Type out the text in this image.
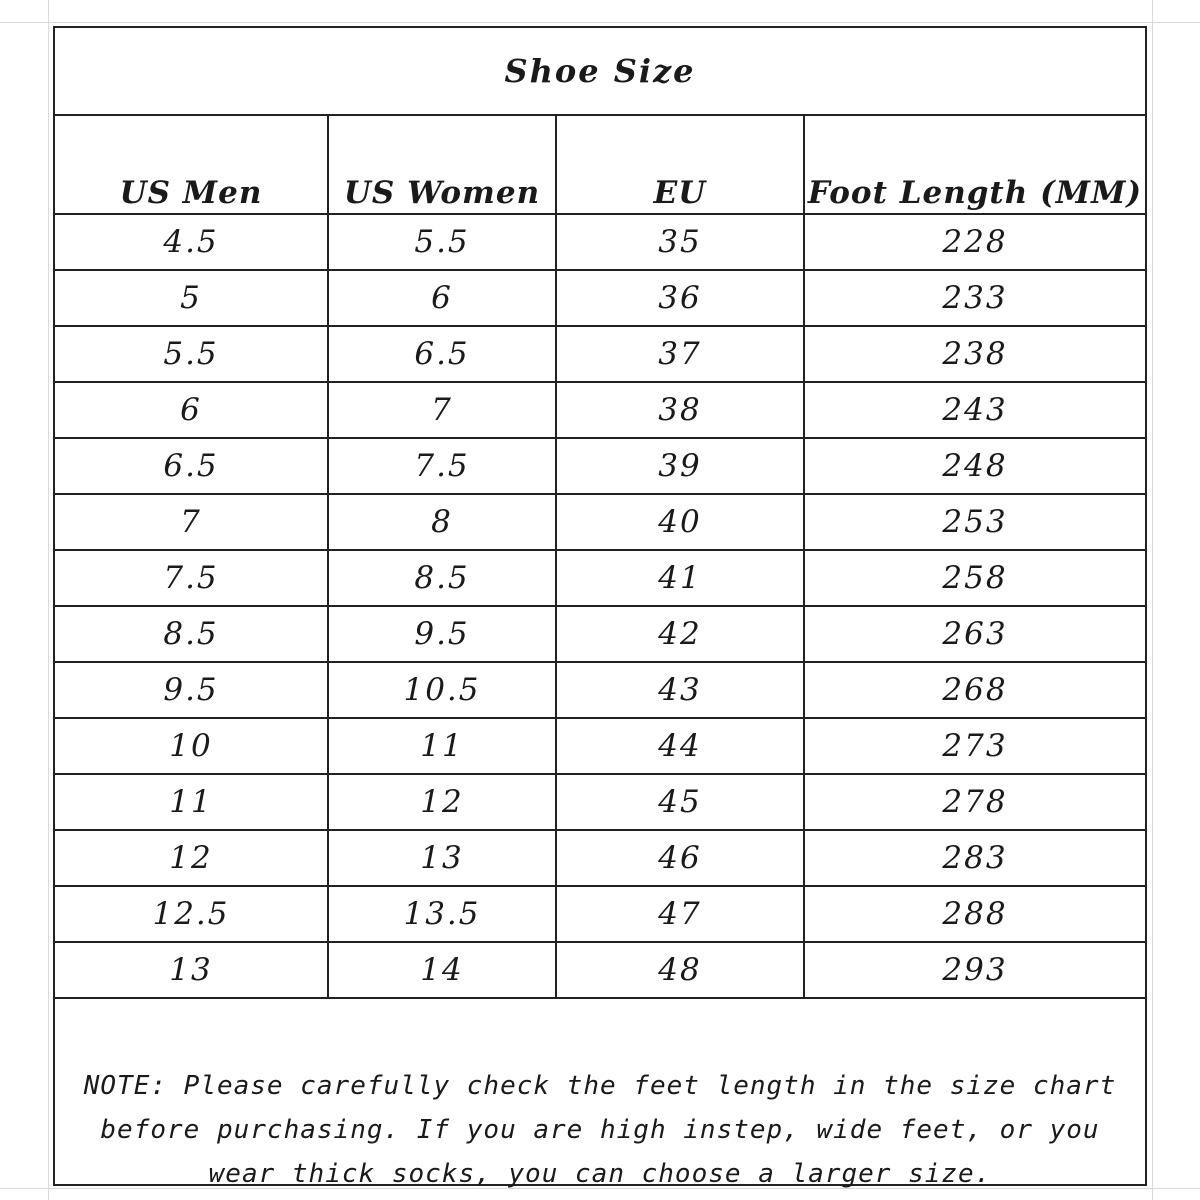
Shoe Size
US Men	US Women	EU	Foot Length (MM)
4.5	5.5	35	228
5	6	36	233
5.5	6.5	37	238
6	7	38	243
6.5	7.5	39	248
7	8	40	253
7.5	8.5	41	258
8.5	9.5	42	263
9.5	10.5	43	268
10	11	44	273
11	12	45	278
12	13	46	283
12.5	13.5	47	288
13	14	48	293
NOTE: Please carefully check the feet length in the size chart
before purchasing. If you are high instep, wide feet, or you
wear thick socks, you can choose a larger size.
